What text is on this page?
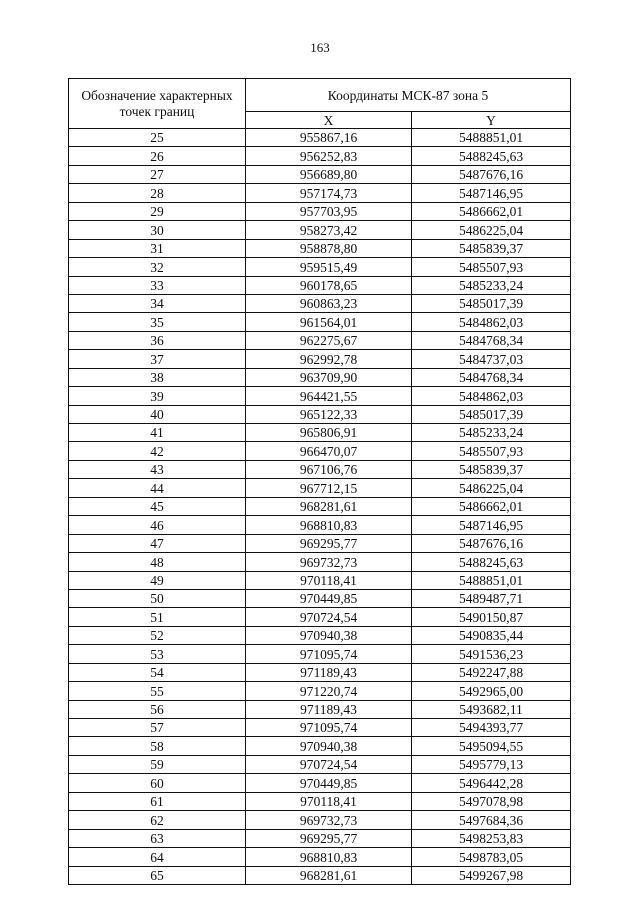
163
Обозначение характерных точек границ	Координаты МСК-87 зона 5	
	X	Y
25	955867,16	5488851,01
26	956252,83	5488245,63
27	956689,80	5487676,16
28	957174,73	5487146,95
29	957703,95	5486662,01
30	958273,42	5486225,04
31	958878,80	5485839,37
32	959515,49	5485507,93
33	960178,65	5485233,24
34	960863,23	5485017,39
35	961564,01	5484862,03
36	962275,67	5484768,34
37	962992,78	5484737,03
38	963709,90	5484768,34
39	964421,55	5484862,03
40	965122,33	5485017,39
41	965806,91	5485233,24
42	966470,07	5485507,93
43	967106,76	5485839,37
44	967712,15	5486225,04
45	968281,61	5486662,01
46	968810,83	5487146,95
47	969295,77	5487676,16
48	969732,73	5488245,63
49	970118,41	5488851,01
50	970449,85	5489487,71
51	970724,54	5490150,87
52	970940,38	5490835,44
53	971095,74	5491536,23
54	971189,43	5492247,88
55	971220,74	5492965,00
56	971189,43	5493682,11
57	971095,74	5494393,77
58	970940,38	5495094,55
59	970724,54	5495779,13
60	970449,85	5496442,28
61	970118,41	5497078,98
62	969732,73	5497684,36
63	969295,77	5498253,83
64	968810,83	5498783,05
65	968281,61	5499267,98
